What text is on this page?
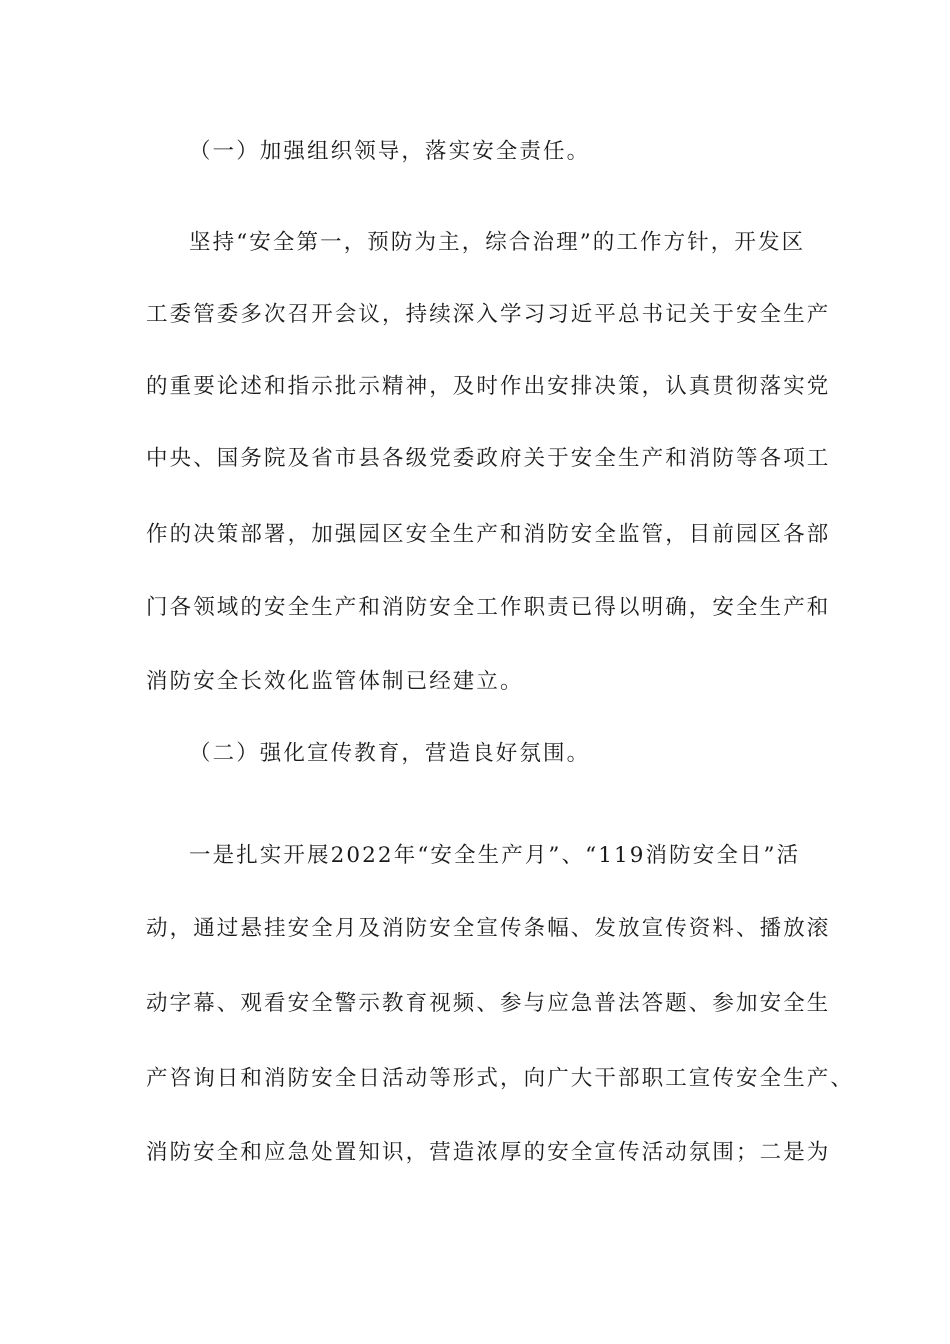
（一）加强组织领导，落实安全责任。
坚持“安全第一，预防为主，综合治理”的工作方针，开发区
工委管委多次召开会议，持续深入学习习近平总书记关于安全生产
的重要论述和指示批示精神，及时作出安排决策，认真贯彻落实党
中央、国务院及省市县各级党委政府关于安全生产和消防等各项工
作的决策部署，加强园区安全生产和消防安全监管，目前园区各部
门各领域的安全生产和消防安全工作职责已得以明确，安全生产和
消防安全长效化监管体制已经建立。
（二）强化宣传教育，营造良好氛围。
一是扎实开展2022年“安全生产月”、“119消防安全日”活
动，通过悬挂安全月及消防安全宣传条幅、发放宣传资料、播放滚
动字幕、观看安全警示教育视频、参与应急普法答题、参加安全生
产咨询日和消防安全日活动等形式，向广大干部职工宣传安全生产、
消防安全和应急处置知识，营造浓厚的安全宣传活动氛围；二是为
